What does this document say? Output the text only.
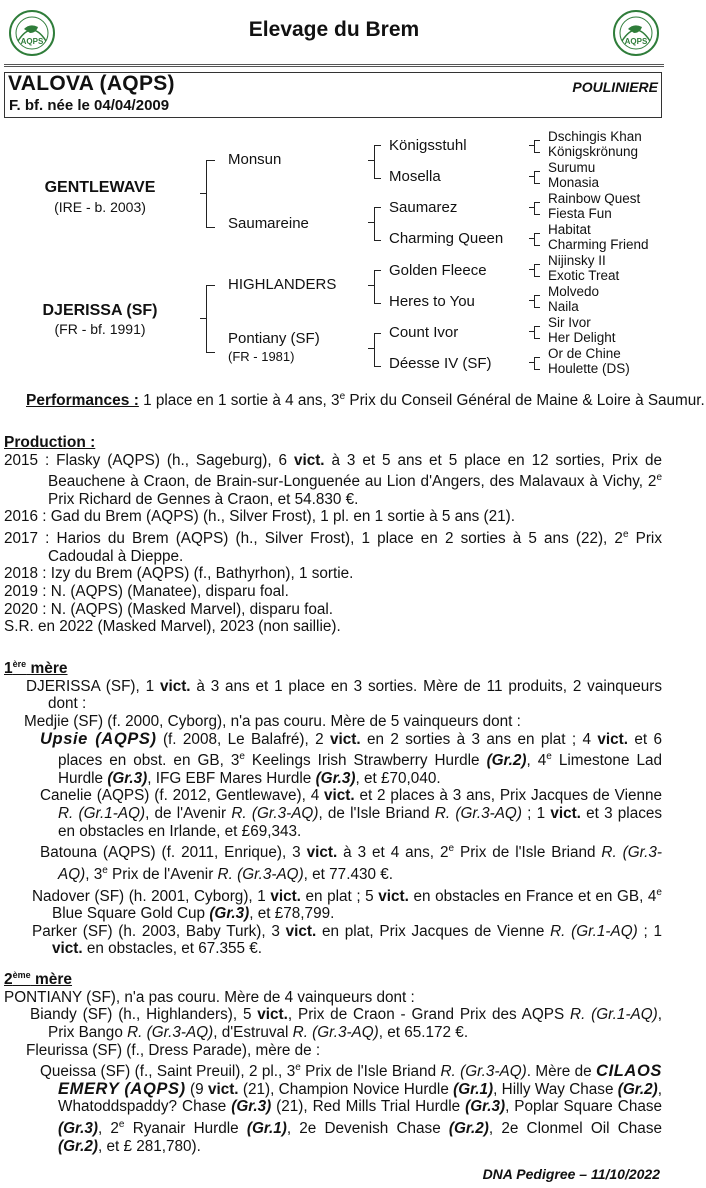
AQPS
Elevage du Brem
AQPS
VALOVA (AQPS)
F. bf. née le 04/04/2009
POULINIERE
GENTLEWAVE
(IRE - b. 2003)
DJERISSA (SF)
(FR - bf. 1991)
Monsun
Saumareine
HIGHLANDERS
Pontiany (SF)
(FR - 1981)
Königsstuhl
Mosella
Saumarez
Charming Queen
Golden Fleece
Heres to You
Count Ivor
Déesse IV (SF)
Dschingis Khan
Königskrönung
Surumu
Monasia
Rainbow Quest
Fiesta Fun
Habitat
Charming Friend
Nijinsky II
Exotic Treat
Molvedo
Naila
Sir Ivor
Her Delight
Or de Chine
Houlette (DS)
Performances : 1 place en 1 sortie à 4 ans, 3e Prix du Conseil Général de Maine & Loire à Saumur.
Production :
2015 : Flasky (AQPS) (h., Sageburg), 6 vict. à 3 et 5 ans et 5 place en 12 sorties, Prix de Beauchene à Craon, de Brain-sur-Longuenée au Lion d'Angers, des Malavaux à Vichy, 2e Prix Richard de Gennes à Craon, et 54.830 €.
2016 : Gad du Brem (AQPS) (h., Silver Frost), 1 pl. en 1 sortie à 5 ans (21).
2017 : Harios du Brem (AQPS) (h., Silver Frost), 1 place en 2 sorties à 5 ans (22), 2e Prix Cadoudal à Dieppe.
2018 : Izy du Brem (AQPS) (f., Bathyrhon), 1 sortie.
2019 : N. (AQPS) (Manatee), disparu foal.
2020 : N. (AQPS) (Masked Marvel), disparu foal.
S.R. en 2022 (Masked Marvel), 2023 (non saillie).
1ère mère
DJERISSA (SF), 1 vict. à 3 ans et 1 place en 3 sorties. Mère de 11 produits, 2 vainqueurs dont :
Medjie (SF) (f. 2000, Cyborg), n'a pas couru. Mère de 5 vainqueurs dont :
Upsie (AQPS) (f. 2008, Le Balafré), 2 vict. en 2 sorties à 3 ans en plat ; 4 vict. et 6 places en obst. en GB, 3e Keelings Irish Strawberry Hurdle (Gr.2), 4e Limestone Lad Hurdle (Gr.3), IFG EBF Mares Hurdle (Gr.3), et £70,040.
Canelie (AQPS) (f. 2012, Gentlewave), 4 vict. et 2 places à 3 ans, Prix Jacques de Vienne R. (Gr.1-AQ), de l'Avenir R. (Gr.3-AQ), de l'Isle Briand R. (Gr.3-AQ) ; 1 vict. et 3 places en obstacles en Irlande, et £69,343.
Batouna (AQPS) (f. 2011, Enrique), 3 vict. à 3 et 4 ans, 2e Prix de l'Isle Briand R. (Gr.3-AQ), 3e Prix de l'Avenir R. (Gr.3-AQ), et 77.430 €.
Nadover (SF) (h. 2001, Cyborg), 1 vict. en plat ; 5 vict. en obstacles en France et en GB, 4e Blue Square Gold Cup (Gr.3), et £78,799.
Parker (SF) (h. 2003, Baby Turk), 3 vict. en plat, Prix Jacques de Vienne R. (Gr.1-AQ) ; 1 vict. en obstacles, et 67.355 €.
2ème mère
PONTIANY (SF), n'a pas couru. Mère de 4 vainqueurs dont :
Biandy (SF) (h., Highlanders), 5 vict., Prix de Craon - Grand Prix des AQPS R. (Gr.1-AQ), Prix Bango R. (Gr.3-AQ), d'Estruval R. (Gr.3-AQ), et 65.172 €.
Fleurissa (SF) (f., Dress Parade), mère de :
Queissa (SF) (f., Saint Preuil), 2 pl., 3e Prix de l'Isle Briand R. (Gr.3-AQ). Mère de CILAOS EMERY (AQPS) (9 vict. (21), Champion Novice Hurdle (Gr.1), Hilly Way Chase (Gr.2), Whatoddspaddy? Chase (Gr.3) (21), Red Mills Trial Hurdle (Gr.3), Poplar Square Chase (Gr.3), 2e Ryanair Hurdle (Gr.1), 2e Devenish Chase (Gr.2), 2e Clonmel Oil Chase (Gr.2), et £ 281,780).
DNA Pedigree – 11/10/2022
